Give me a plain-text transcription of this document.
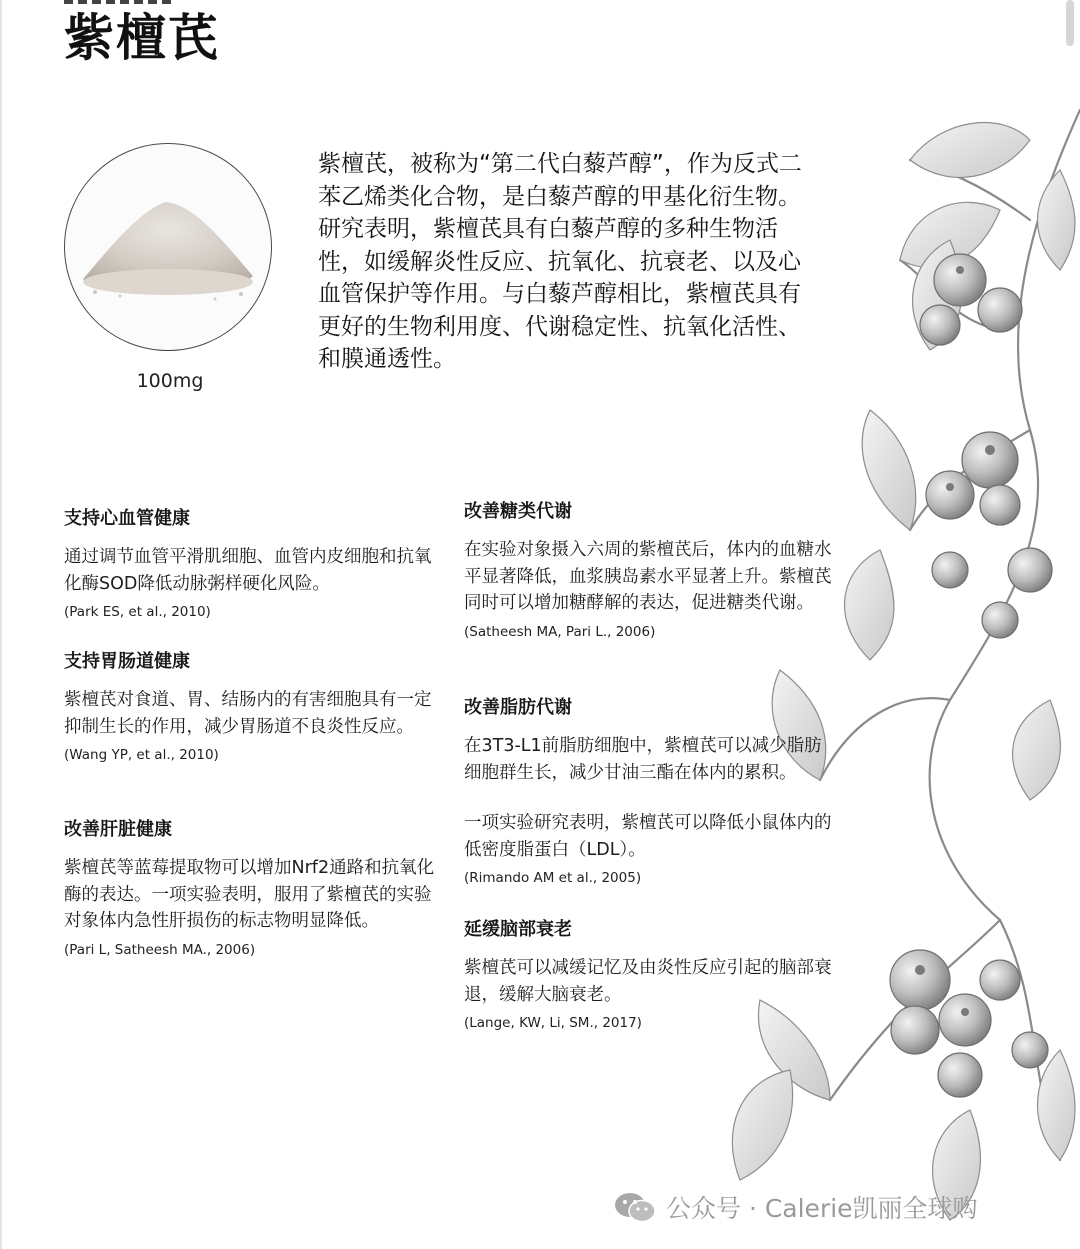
紫檀芪
100mg

紫檀芪，被称为“第二代白藜芦醇”，作为反式二苯乙烯类化合物，是白藜芦醇的甲基化衍生物。研究表明，紫檀芪具有白藜芦醇的多种生物活性，如缓解炎性反应、抗氧化、抗衰老、以及心血管保护等作用。与白藜芦醇相比，紫檀芪具有更好的生物利用度、代谢稳定性、抗氧化活性、和膜通透性。

支持心血管健康

通过调节血管平滑肌细胞、血管内皮细胞和抗氧化酶SOD降低动脉粥样硬化风险。

(Park ES, et al., 2010)
支持胃肠道健康

紫檀芪对食道、胃、结肠内的有害细胞具有一定抑制生长的作用，减少胃肠道不良炎性反应。

(Wang YP, et al., 2010)
改善肝脏健康

紫檀芪等蓝莓提取物可以增加Nrf2通路和抗氧化酶的表达。一项实验表明，服用了紫檀芪的实验对象体内急性肝损伤的标志物明显降低。

(Pari L, Satheesh MA., 2006)
改善糖类代谢

在实验对象摄入六周的紫檀芪后，体内的血糖水平显著降低，血浆胰岛素水平显著上升。紫檀芪同时可以增加糖酵解的表达，促进糖类代谢。

(Satheesh MA, Pari L., 2006)
改善脂肪代谢

在3T3-L1前脂肪细胞中，紫檀芪可以减少脂肪细胞群生长，减少甘油三酯在体内的累积。

一项实验研究表明，紫檀芪可以降低小鼠体内的低密度脂蛋白（LDL）。

(Rimando AM et al., 2005)
延缓脑部衰老

紫檀芪可以减缓记忆及由炎性反应引起的脑部衰退，缓解大脑衰老。

(Lange, KW, Li, SM., 2017)
公众号 · Calerie凯丽全球购
